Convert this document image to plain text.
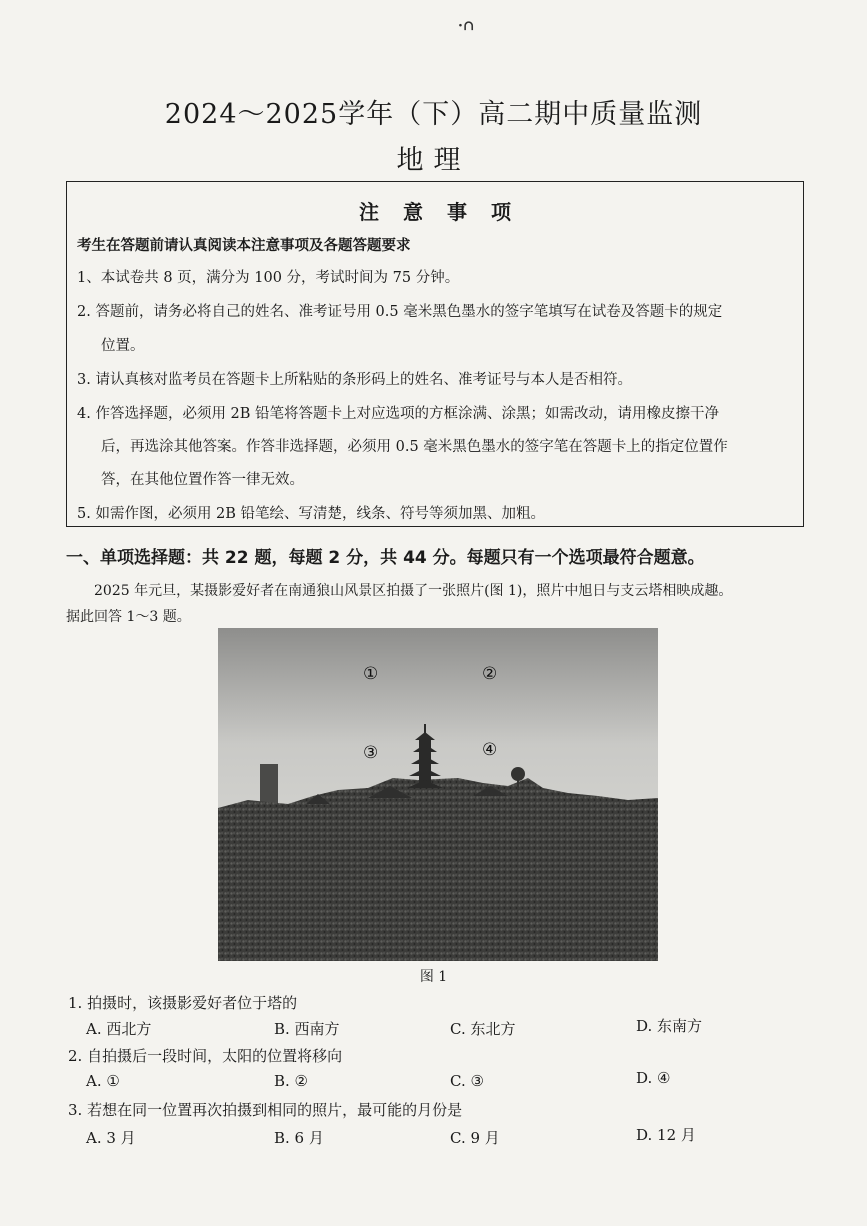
·∩
2024～2025学年（下）高二期中质量监测
地理
注意事项
考生在答题前请认真阅读本注意事项及各题答题要求
1、本试卷共 8 页，满分为 100 分，考试时间为 75 分钟。
2. 答题前，请务必将自己的姓名、准考证号用 0.5 毫米黑色墨水的签字笔填写在试卷及答题卡的规定
位置。
3. 请认真核对监考员在答题卡上所粘贴的条形码上的姓名、准考证号与本人是否相符。
4. 作答选择题，必须用 2B 铅笔将答题卡上对应选项的方框涂满、涂黑；如需改动，请用橡皮擦干净
后，再选涂其他答案。作答非选择题，必须用 0.5 毫米黑色墨水的签字笔在答题卡上的指定位置作
答，在其他位置作答一律无效。
5. 如需作图，必须用 2B 铅笔绘、写清楚，线条、符号等须加黑、加粗。
一、单项选择题：共 22 题，每题 2 分，共 44 分。每题只有一个选项最符合题意。
2025 年元旦，某摄影爱好者在南通狼山风景区拍摄了一张照片(图 1)，照片中旭日与支云塔相映成趣。
据此回答 1～3 题。
①	②
③	④
图 1
1. 拍摄时，该摄影爱好者位于塔的
A. 西北方	B. 西南方	C. 东北方	D. 东南方
2. 自拍摄后一段时间，太阳的位置将移向
A. ①	B. ②	C. ③	D. ④
3. 若想在同一位置再次拍摄到相同的照片，最可能的月份是
A. 3 月	B. 6 月	C. 9 月	D. 12 月
